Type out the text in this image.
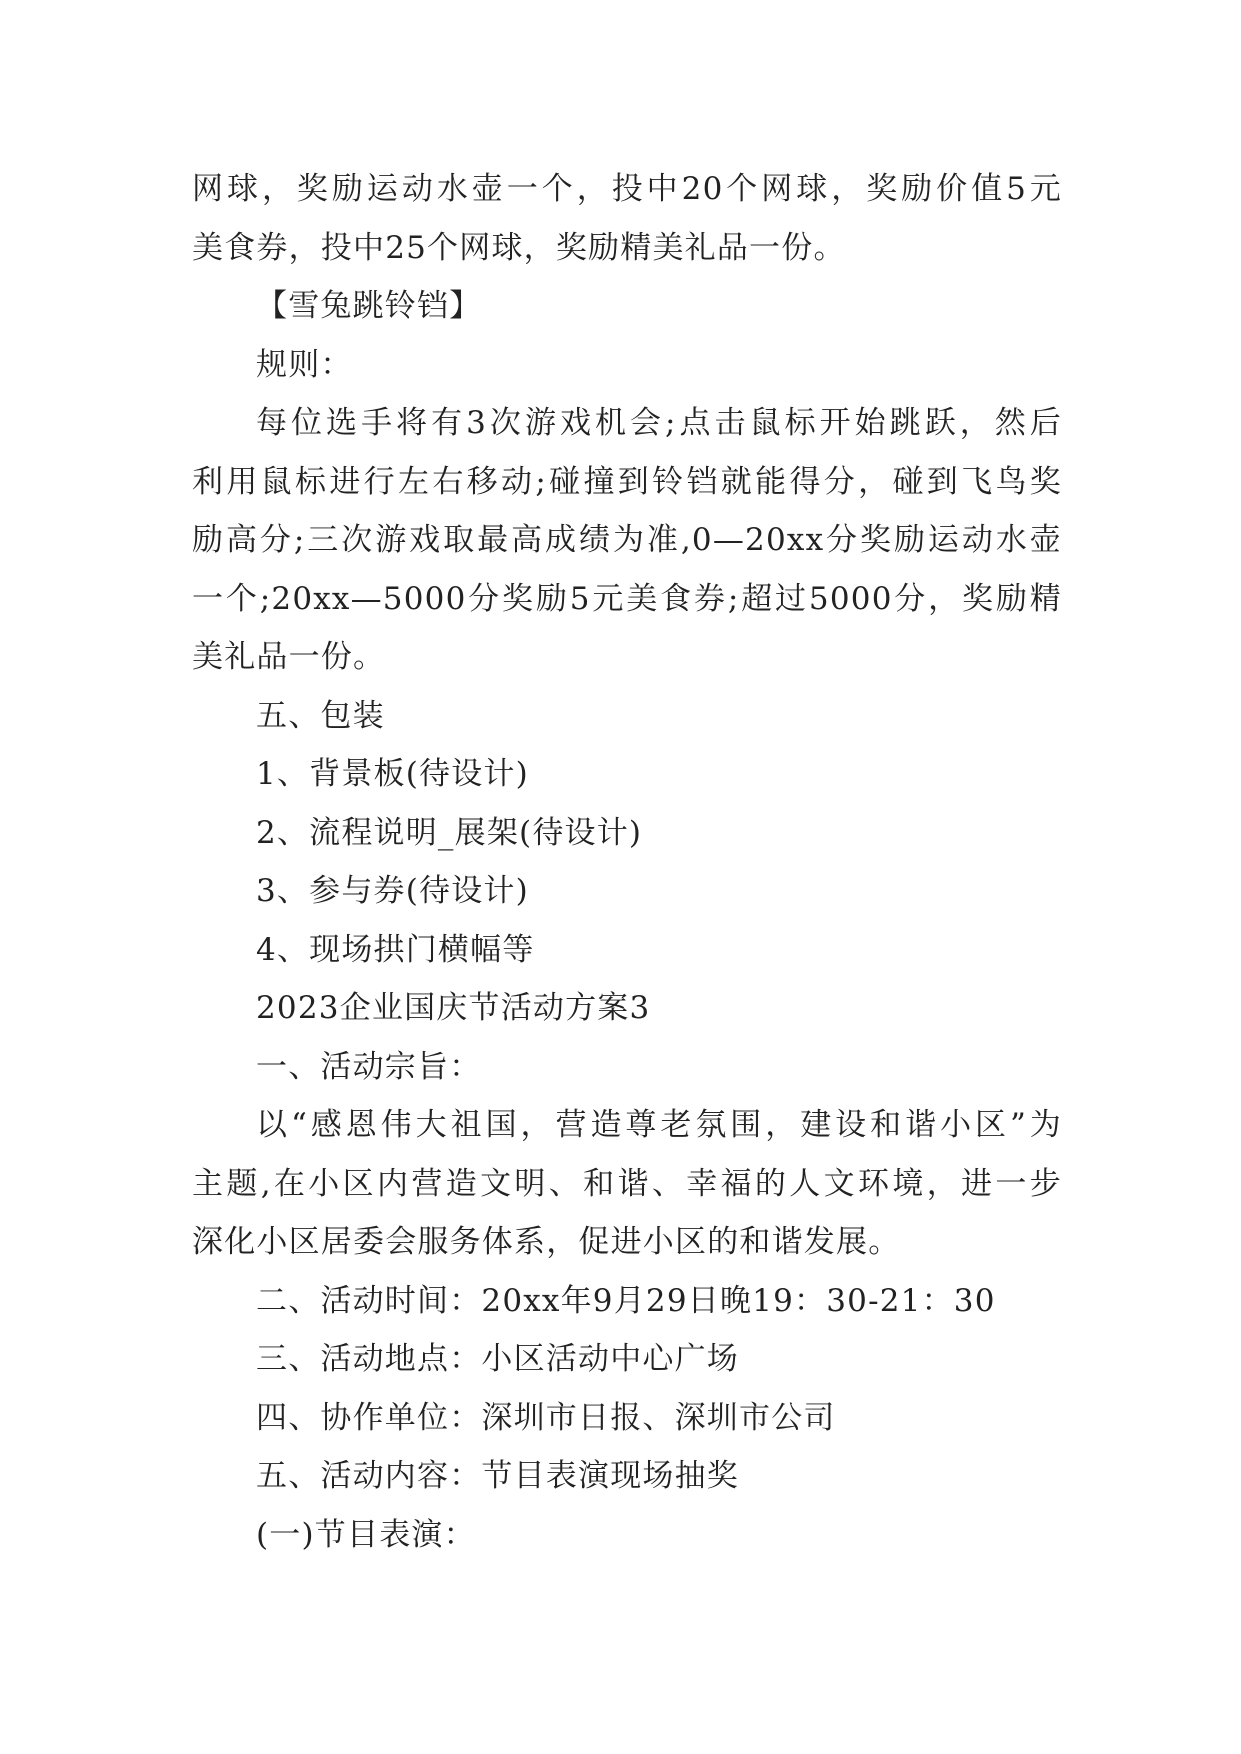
网球，奖励运动水壶一个，投中20个网球，奖励价值5元
美食券，投中25个网球，奖励精美礼品一份。
【雪兔跳铃铛】
规则：
每位选手将有3次游戏机会;点击鼠标开始跳跃，然后
利用鼠标进行左右移动;碰撞到铃铛就能得分，碰到飞鸟奖
励高分;三次游戏取最高成绩为准,0—20xx分奖励运动水壶
一个;20xx—5000分奖励5元美食券;超过5000分，奖励精
美礼品一份。
五、包装
1、背景板(待设计)
2、流程说明_展架(待设计)
3、参与券(待设计)
4、现场拱门横幅等
2023企业国庆节活动方案3
一、活动宗旨：
以“感恩伟大祖国，营造尊老氛围，建设和谐小区”为
主题,在小区内营造文明、和谐、幸福的人文环境，进一步
深化小区居委会服务体系，促进小区的和谐发展。
二、活动时间：20xx年9月29日晚19：30-21：30
三、活动地点：小区活动中心广场
四、协作单位：深圳市日报、深圳市公司
五、活动内容：节目表演现场抽奖
(一)节目表演：
